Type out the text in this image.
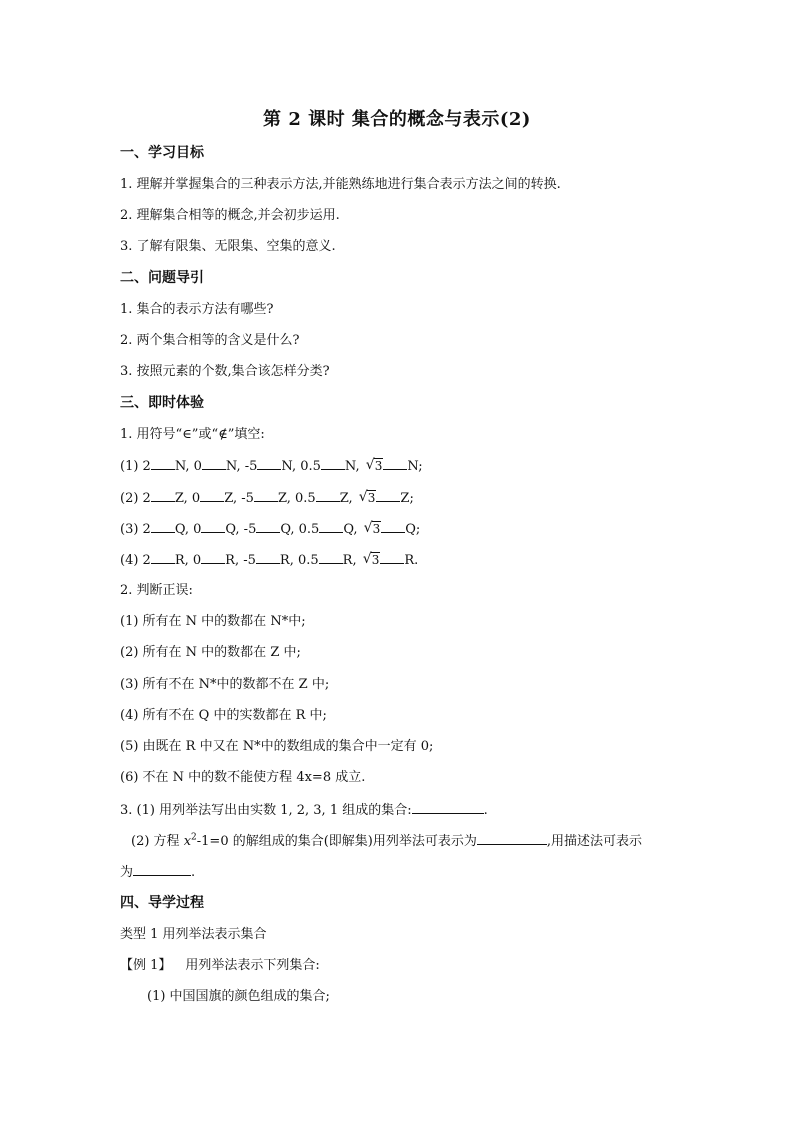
第 2 课时 集合的概念与表示(2)
一、学习目标
1. 理解并掌握集合的三种表示方法,并能熟练地进行集合表示方法之间的转换.
2. 理解集合相等的概念,并会初步运用.
3. 了解有限集、无限集、空集的意义.
二、问题导引
1. 集合的表示方法有哪些?
2. 两个集合相等的含义是什么?
3. 按照元素的个数,集合该怎样分类?
三、即时体验
1. 用符号“∈”或“∉”填空:
(1) 2 N, 0 N, -5 N, 0.5 N, √ 3 N;
(2) 2 Z, 0 Z, -5 Z, 0.5 Z, √ 3 Z;
(3) 2 Q, 0 Q, -5 Q, 0.5 Q, √ 3 Q;
(4) 2 R, 0 R, -5 R, 0.5 R, √ 3 R.
2. 判断正误:
(1) 所有在 N 中的数都在 N*中;
(2) 所有在 N 中的数都在 Z 中;
(3) 所有不在 N*中的数都不在 Z 中;
(4) 所有不在 Q 中的实数都在 R 中;
(5) 由既在 R 中又在 N*中的数组成的集合中一定有 0;
(6) 不在 N 中的数不能使方程 4x=8 成立.
3. (1) 用列举法写出由实数 1, 2, 3, 1 组成的集合:	.
(2) 方程 $x^2-1=0$ 的解组成的集合(即解集)用列举法可表示为	,用描述法可表示
为	.
四、导学过程
类型 1 用列举法表示集合
【例 1】 用列举法表示下列集合:
(1) 中国国旗的颜色组成的集合;
